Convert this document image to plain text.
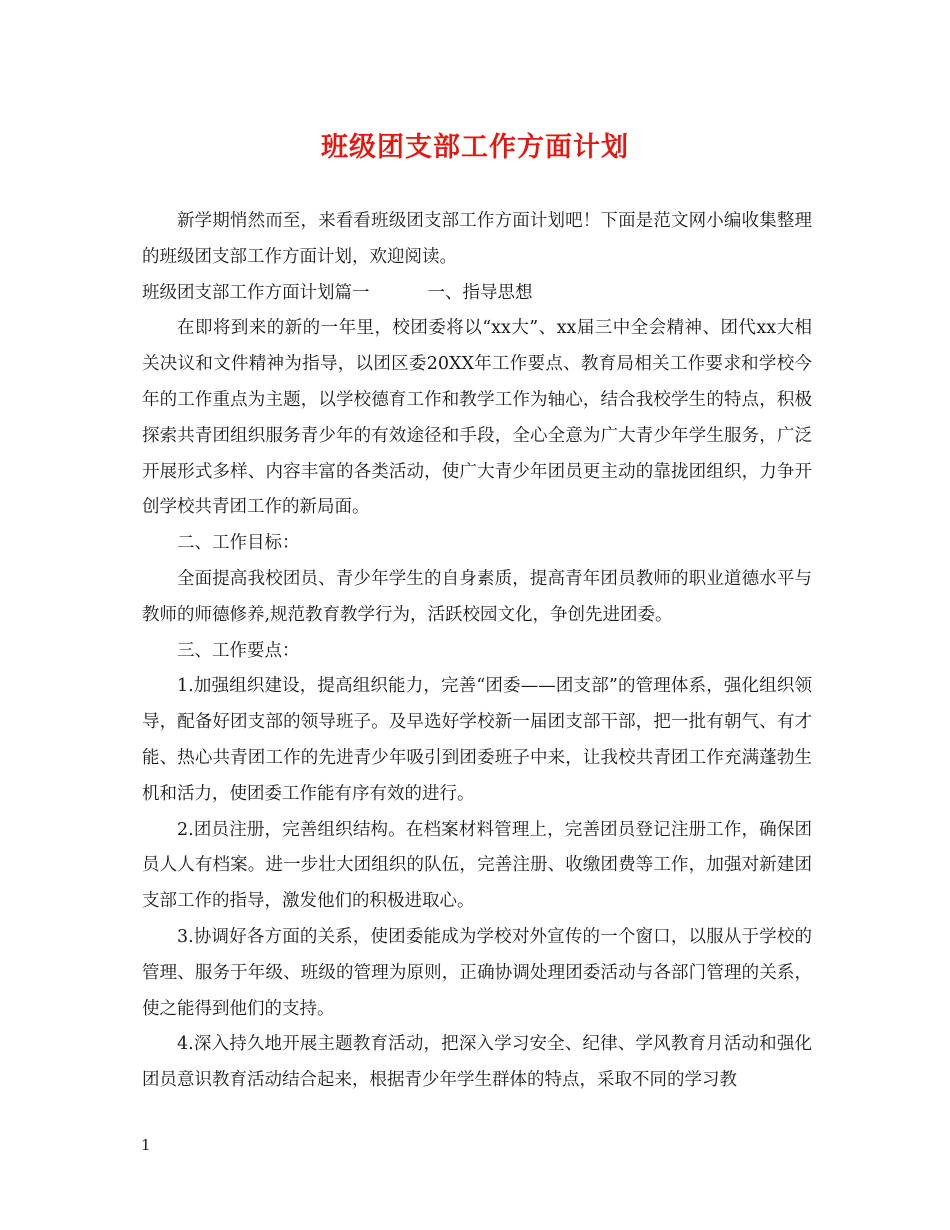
班级团支部工作方面计划

新学期悄然而至，来看看班级团支部工作方面计划吧！下面是范文网小编收集整理的班级团支部工作方面计划，欢迎阅读。

班级团支部工作方面计划篇一	一、指导思想

在即将到来的新的一年里，校团委将以“xx大”、xx届三中全会精神、团代xx大相关决议和文件精神为指导，以团区委20XX年工作要点、教育局相关工作要求和学校今年的工作重点为主题，以学校德育工作和教学工作为轴心，结合我校学生的特点，积极探索共青团组织服务青少年的有效途径和手段，全心全意为广大青少年学生服务，广泛开展形式多样、内容丰富的各类活动，使广大青少年团员更主动的靠拢团组织，力争开创学校共青团工作的新局面。

二、工作目标：

全面提高我校团员、青少年学生的自身素质，提高青年团员教师的职业道德水平与教师的师德修养,规范教育教学行为，活跃校园文化，争创先进团委。

三、工作要点：

1.加强组织建设，提高组织能力，完善“团委——团支部”的管理体系，强化组织领导，配备好团支部的领导班子。及早选好学校新一届团支部干部，把一批有朝气、有才能、热心共青团工作的先进青少年吸引到团委班子中来，让我校共青团工作充满蓬勃生机和活力，使团委工作能有序有效的进行。

2.团员注册，完善组织结构。在档案材料管理上，完善团员登记注册工作，确保团员人人有档案。进一步壮大团组织的队伍，完善注册、收缴团费等工作，加强对新建团支部工作的指导，激发他们的积极进取心。

3.协调好各方面的关系，使团委能成为学校对外宣传的一个窗口，以服从于学校的管理、服务于年级、班级的管理为原则，正确协调处理团委活动与各部门管理的关系，使之能得到他们的支持。

4.深入持久地开展主题教育活动，把深入学习安全、纪律、学风教育月活动和强化团员意识教育活动结合起来，根据青少年学生群体的特点，采取不同的学习教

1
